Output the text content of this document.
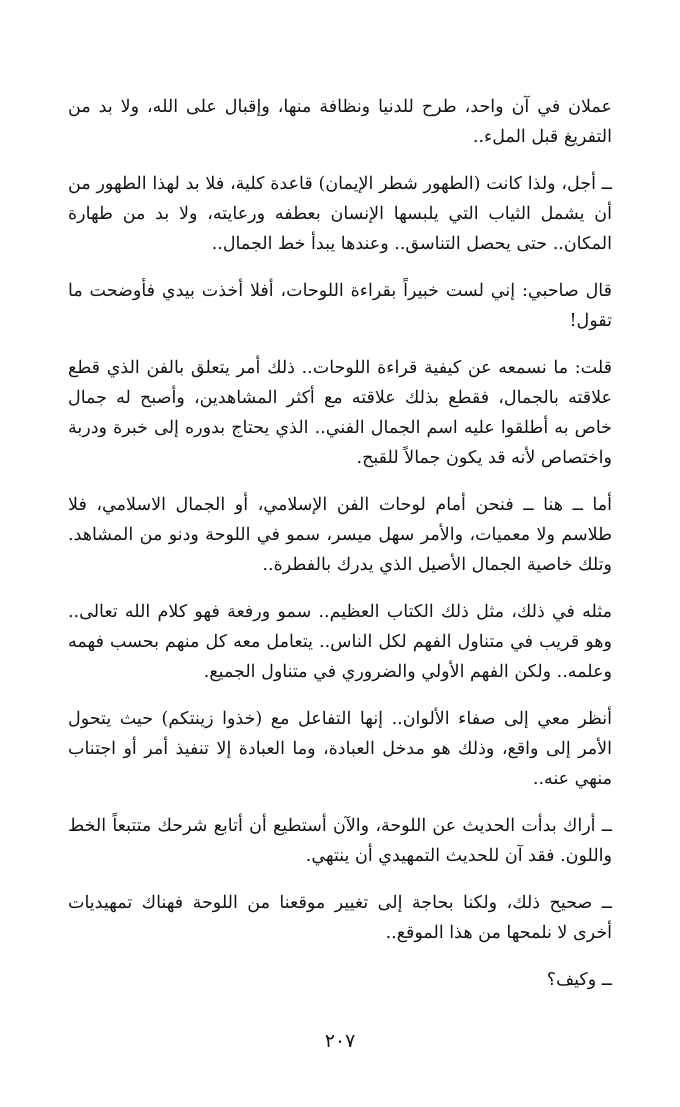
عملان في آن واحد، طرح للدنيا ونظافة منها، وإقبال على الله، ولا بد من التفريغ قبل الملء..

ــ أجل، ولذا كانت (الطهور شطر الإيمان) قاعدة كلية، فلا بد لهذا الطهور من أن يشمل الثياب التي يلبسها الإنسان بعطفه ورعايته، ولا بد من طهارة المكان.. حتى يحصل التناسق.. وعندها يبدأ خط الجمال..

قال صاحبي: إني لست خبيراً بقراءة اللوحات، أفلا أخذت بيدي فأوضحت ما تقول!

قلت: ما نسمعه عن كيفية قراءة اللوحات.. ذلك أمر يتعلق بالفن الذي قطع علاقته بالجمال، فقطع بذلك علاقته مع أكثر المشاهدين، وأصبح له جمال خاص به أطلقوا عليه اسم الجمال الفني.. الذي يحتاج بدوره إلى خبرة ودربة واختصاص لأنه قد يكون جمالاً للقبح.

أما ــ هنا ــ فنحن أمام لوحات الفن الإسلامي، أو الجمال الاسلامي، فلا طلاسم ولا معميات، والأمر سهل ميسر، سمو في اللوحة ودنو من المشاهد. وتلك خاصية الجمال الأصيل الذي يدرك بالفطرة..

مثله في ذلك، مثل ذلك الكتاب العظيم.. سمو ورفعة فهو كلام الله تعالى.. وهو قريب في متناول الفهم لكل الناس.. يتعامل معه كل منهم بحسب فهمه وعلمه.. ولكن الفهم الأولي والضروري في متناول الجميع.

أنظر معي إلى صفاء الألوان.. إنها التفاعل مع (خذوا زينتكم) حيث يتحول الأمر إلى واقع، وذلك هو مدخل العبادة، وما العبادة إلا تنفيذ أمر أو اجتناب منهي عنه..

ــ أراك بدأت الحديث عن اللوحة، والآن أستطيع أن أتابع شرحك متتبعاً الخط واللون. فقد آن للحديث التمهيدي أن ينتهي.

ــ صحيح ذلك، ولكنا بحاجة إلى تغيير موقعنا من اللوحة فهناك تمهيديات أخرى لا نلمحها من هذا الموقع..

ــ وكيف؟

٢٠٧
